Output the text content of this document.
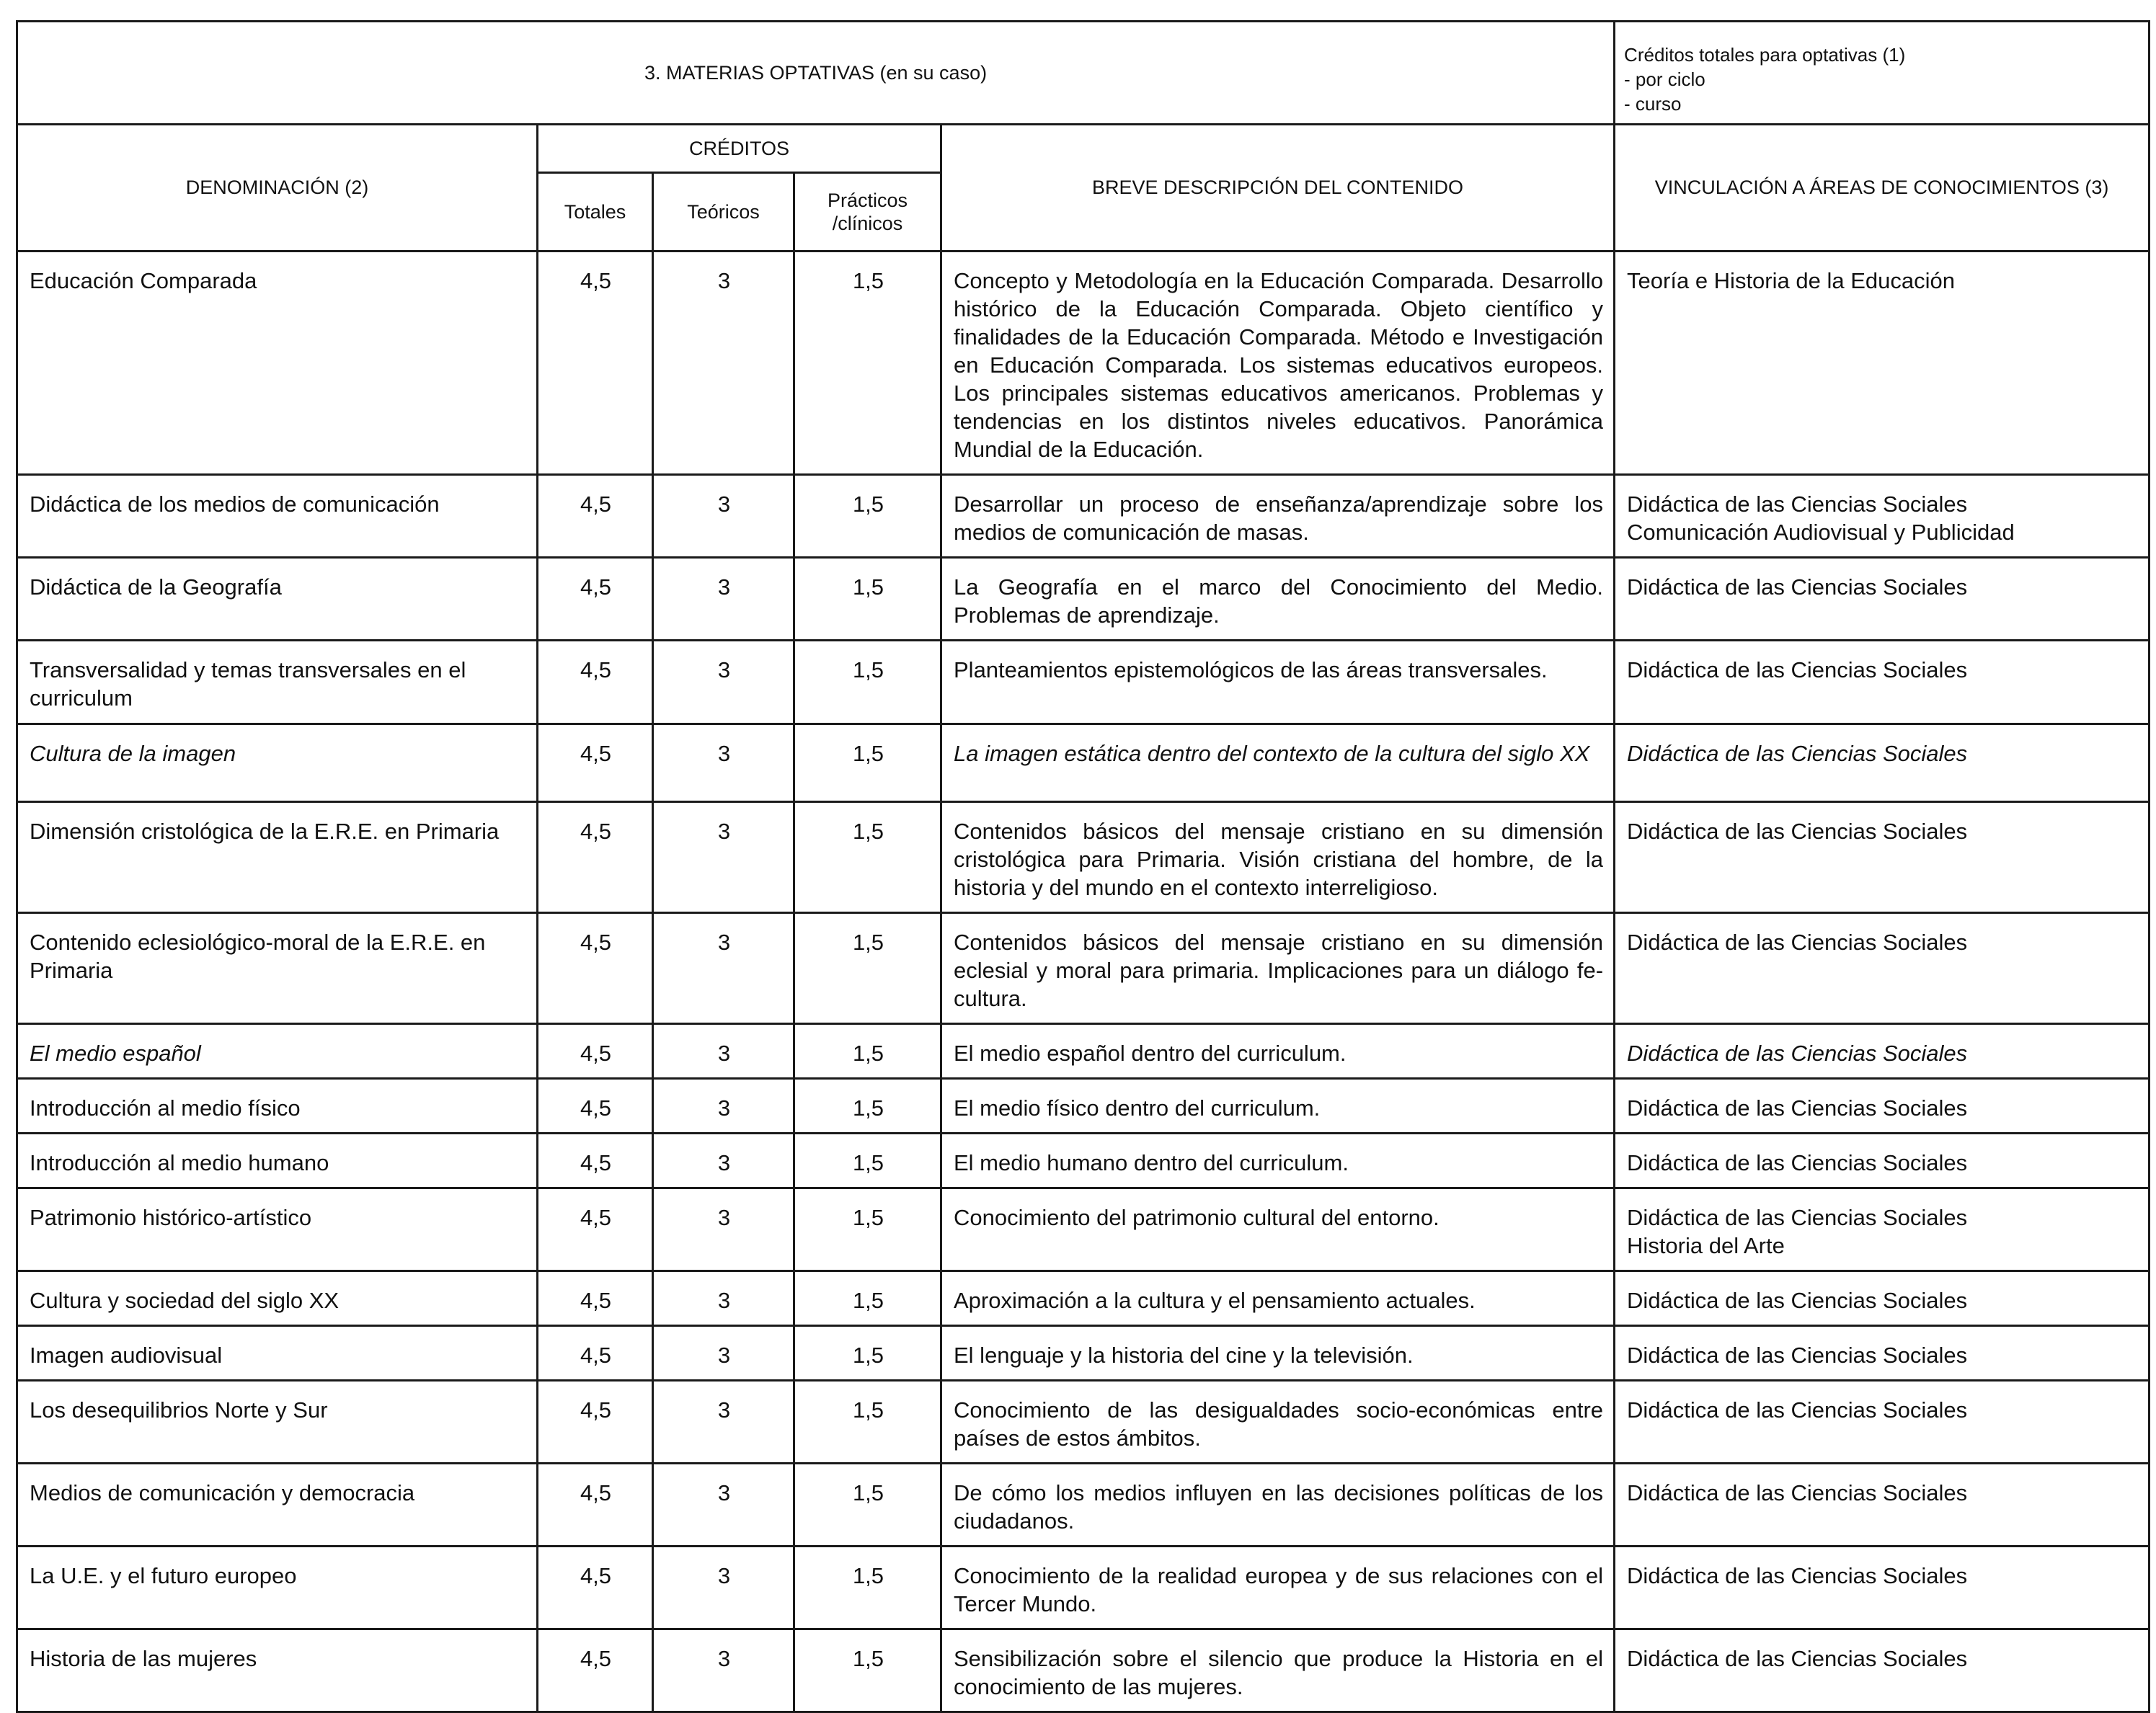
3. MATERIAS OPTATIVAS (en su caso)					Créditos totales para optativas (1)
- por ciclo
- curso

DENOMINACIÓN (2)	CRÉDITOS			BREVE DESCRIPCIÓN DEL CONTENIDO	VINCULACIÓN A ÁREAS DE CONOCIMIENTOS (3)
	Totales	Teóricos	Prácticos
/clínicos		
Educación Comparada	4,5	3	1,5	Concepto y Metodología en la Educación Comparada. Desarrollo histórico de la Educación Comparada. Objeto científico y finalidades de la Educación Comparada. Método e Investigación en Educación Comparada. Los sistemas educativos europeos. Los principales sistemas educativos americanos. Problemas y tendencias en los distintos niveles educativos. Panorámica Mundial de la Educación.	Teoría e Historia de la Educación

Didáctica de los medios de comunicación	4,5	3	1,5	Desarrollar un proceso de enseñanza/aprendizaje sobre los medios de comunicación de masas.	Didáctica de las Ciencias Sociales
Comunicación Audiovisual y Publicidad

Didáctica de la Geografía	4,5	3	1,5	La Geografía en el marco del Conocimiento del Medio. Problemas de aprendizaje.	Didáctica de las Ciencias Sociales

Transversalidad y temas transversales en el curriculum	4,5	3	1,5	Planteamientos epistemológicos de las áreas transversales.	Didáctica de las Ciencias Sociales

Cultura de la imagen	4,5	3	1,5	La imagen estática dentro del contexto de la cultura del siglo XX	Didáctica de las Ciencias Sociales

Dimensión cristológica de la E.R.E. en Primaria	4,5	3	1,5	Contenidos básicos del mensaje cristiano en su dimensión cristológica para Primaria. Visión cristiana del hombre, de la historia y del mundo en el contexto interreligioso.	Didáctica de las Ciencias Sociales

Contenido eclesiológico-moral de la E.R.E. en Primaria	4,5	3	1,5	Contenidos básicos del mensaje cristiano en su dimensión eclesial y moral para primaria. Implicaciones para un diálogo fe-cultura.	Didáctica de las Ciencias Sociales

El medio español	4,5	3	1,5	El medio español dentro del curriculum.	Didáctica de las Ciencias Sociales

Introducción al medio físico	4,5	3	1,5	El medio físico dentro del curriculum.	Didáctica de las Ciencias Sociales

Introducción al medio humano	4,5	3	1,5	El medio humano dentro del curriculum.	Didáctica de las Ciencias Sociales

Patrimonio histórico-artístico	4,5	3	1,5	Conocimiento del patrimonio cultural del entorno.	Didáctica de las Ciencias Sociales
Historia del Arte

Cultura y sociedad del siglo XX	4,5	3	1,5	Aproximación a la cultura y el pensamiento actuales.	Didáctica de las Ciencias Sociales

Imagen audiovisual	4,5	3	1,5	El lenguaje y la historia del cine y la televisión.	Didáctica de las Ciencias Sociales

Los desequilibrios Norte y Sur	4,5	3	1,5	Conocimiento de las desigualdades socio-económicas entre países de estos ámbitos.	Didáctica de las Ciencias Sociales

Medios de comunicación y democracia	4,5	3	1,5	De cómo los medios influyen en las decisiones políticas de los ciudadanos.	Didáctica de las Ciencias Sociales

La U.E. y el futuro europeo	4,5	3	1,5	Conocimiento de la realidad europea y de sus relaciones con el Tercer Mundo.	Didáctica de las Ciencias Sociales

Historia de las mujeres	4,5	3	1,5	Sensibilización sobre el silencio que produce la Historia en el conocimiento de las mujeres.	Didáctica de las Ciencias Sociales
